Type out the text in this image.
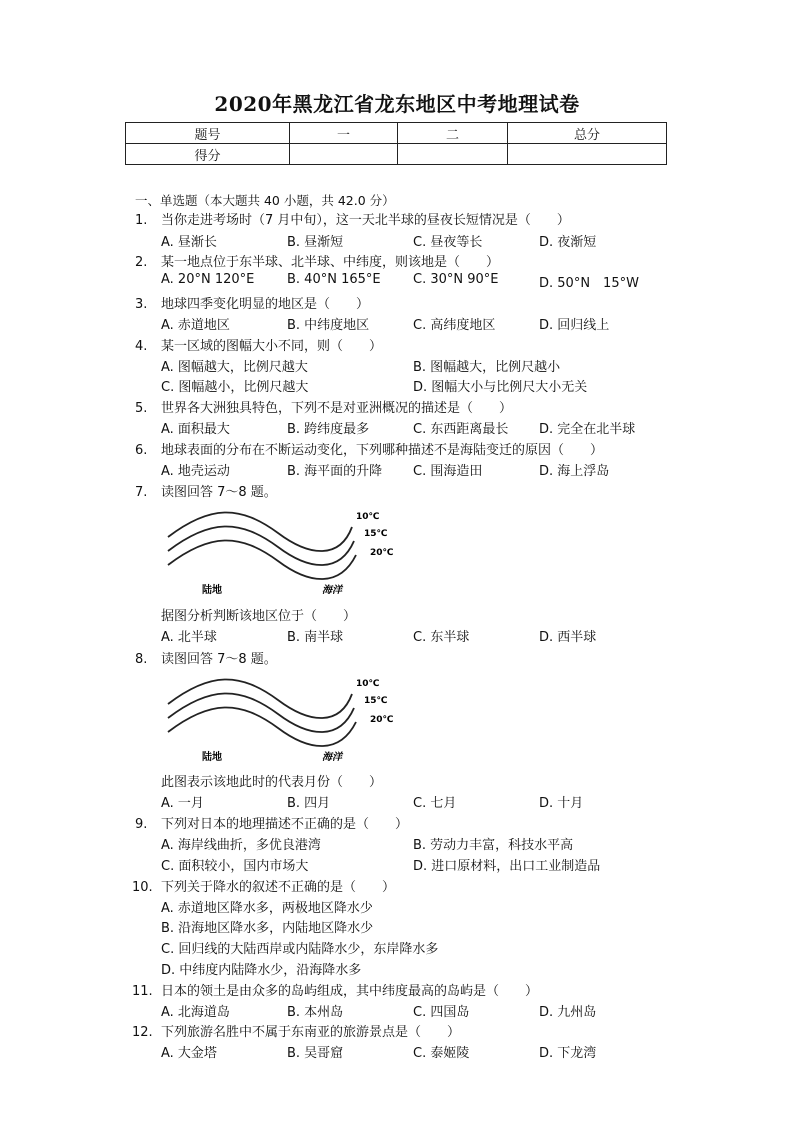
2020年黑龙江省龙东地区中考地理试卷
题号	一	二	总分
得分			
一、单选题（本大题共 40 小题，共 42.0 分）
1. 当你走进考场时（7 月中旬），这一天北半球的昼夜长短情况是（　　）
A. 昼渐长	B. 昼渐短	C. 昼夜等长	D. 夜渐短
2. 某一地点位于东半球、北半球、中纬度，则该地是（　　）
A. 20°N 120°E	B. 40°N 165°E C. 30°N 90°E	D. 50°N　15°W
3. 地球四季变化明显的地区是（　　）
A. 赤道地区	B. 中纬度地区	C. 高纬度地区	D. 回归线上
4. 某一区域的图幅大小不同，则（　　）
A. 图幅越大，比例尺越大	B. 图幅越大，比例尺越小
C. 图幅越小，比例尺越大	D. 图幅大小与比例尺大小无关
5. 世界各大洲独具特色，下列不是对亚洲概况的描述是（　　）
A. 面积最大	B. 跨纬度最多	C. 东西距离最长 D. 完全在北半球
6. 地球表面的分布在不断运动变化，下列哪种描述不是海陆变迁的原因（　　）
A. 地壳运动	B. 海平面的升降 C. 围海造田	D. 海上浮岛
7. 读图回答 7～8 题。
10℃
15℃
20℃
陆地	海洋
据图分析判断该地区位于（　　）
A. 北半球	B. 南半球	C. 东半球	D. 西半球
8. 读图回答 7～8 题。
10℃
15℃
20℃
陆地	海洋
此图表示该地此时的代表月份（　　）
A. 一月	B. 四月	C. 七月	D. 十月
9. 下列对日本的地理描述不正确的是（　　）
A. 海岸线曲折，多优良港湾	B. 劳动力丰富，科技水平高
C. 面积较小，国内市场大	D. 进口原材料，出口工业制造品
10. 下列关于降水的叙述不正确的是（　　）
A. 赤道地区降水多，两极地区降水少
B. 沿海地区降水多，内陆地区降水少
C. 回归线的大陆西岸或内陆降水少，东岸降水多
D. 中纬度内陆降水少，沿海降水多
11. 日本的领土是由众多的岛屿组成，其中纬度最高的岛屿是（　　）
A. 北海道岛	B. 本州岛	C. 四国岛	D. 九州岛
12. 下列旅游名胜中不属于东南亚的旅游景点是（　　）
A. 大金塔	B. 吴哥窟	C. 泰姬陵	D. 下龙湾
